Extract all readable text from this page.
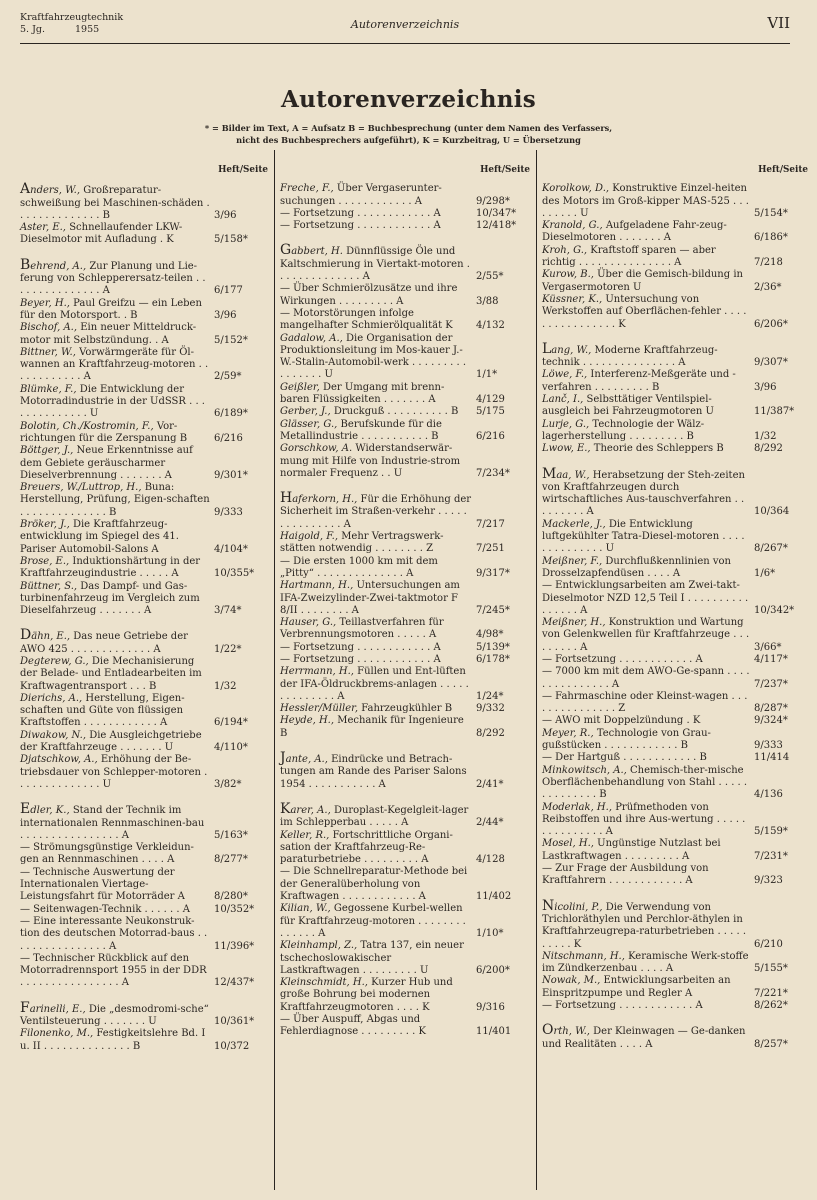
Kraftfahrzeugtechnik
5. Jg.	1955	Autorenverzeichnis	VII
Autorenverzeichnis
* = Bilder im Text, A = Aufsatz B = Buchbesprechung (unter dem Namen des Verfassers,
nicht des Buchbesprechers aufgeführt), K = Kurzbeitrag, U = Übersetzung
Heft/Seite
Anders, W., Großreparatur-schweißung bei Maschinen-schäden . . . . . . . . . . . . . . B	3/96
Aster, E., Schnellaufender LKW-Dieselmotor mit Aufladung . K	5/158*
Behrend, A., Zur Planung und Lie-ferung von Schlepperersatz-teilen . . . . . . . . . . . . . . . A	6/177
Beyer, H., Paul Greifzu — ein Leben für den Motorsport. . B	3/96
Bischof, A., Ein neuer Mitteldruck-motor mit Selbstzündung. . A	5/152*
Bittner, W., Vorwärmgeräte für Öl-wannen an Kraftfahrzeug-motoren . . . . . . . . . . . . A	2/59*
Blümke, F., Die Entwicklung der Motorradindustrie in der UdSSR . . . . . . . . . . . . . . U	6/189*
Bolotin, Ch./Kostromin, F., Vor-richtungen für die Zerspanung B	6/216
Böttger, J., Neue Erkenntnisse auf dem Gebiete geräuscharmer Dieselverbrennung . . . . . . . A	9/301*
Breuers, W./Luttrop, H., Buna: Herstellung, Prüfung, Eigen-schaften . . . . . . . . . . . . . . B	9/333
Bröker, J., Die Kraftfahrzeug-entwicklung im Spiegel des 41. Pariser Automobil-Salons A	4/104*
Brose, E., Induktionshärtung in der Kraftfahrzeugindustrie . . . . . A	10/355*
Büttner, S., Das Dampf- und Gas-turbinenfahrzeug im Vergleich zum Dieselfahrzeug . . . . . . . A	3/74*
Dähn, E., Das neue Getriebe der AWO 425 . . . . . . . . . . . . . A	1/22*
Degterew, G., Die Mechanisierung der Belade- und Entladearbeiten im Kraftwagentransport . . . B	1/32
Dierichs, A., Herstellung, Eigen-schaften und Güte von flüssigen Kraftstoffen . . . . . . . . . . . . A	6/194*
Diwakow, N., Die Ausgleichgetriebe der Kraftfahrzeuge . . . . . . . U	4/110*
Djatschkow, A., Erhöhung der Be-triebsdauer von Schlepper-motoren . . . . . . . . . . . . . . U	3/82*
Edler, K., Stand der Technik im internationalen Rennmaschinen-bau . . . . . . . . . . . . . . . . A	5/163*
— Strömungsgünstige Verkleidun-gen an Rennmaschinen . . . . A	8/277*
— Technische Auswertung der Internationalen Viertage-Leistungsfahrt für Motorräder A	8/280*
— Seitenwagen-Technik . . . . . . A	10/352*
— Eine interessante Neukonstruk-tion des deutschen Motorrad-baus . . . . . . . . . . . . . . . . A	11/396*
— Technischer Rückblick auf den Motorradrennsport 1955 in der DDR . . . . . . . . . . . . . . . . A	12/437*
Farinelli, E., Die „desmodromi-sche“ Ventilsteuerung . . . . . . . U	10/361*
Filonenko, M., Festigkeitslehre Bd. I u. II . . . . . . . . . . . . . . B	10/372
Heft/Seite
Freche, F., Über Vergaserunter-suchungen . . . . . . . . . . . . A	9/298*
— Fortsetzung . . . . . . . . . . . . A	10/347*
— Fortsetzung . . . . . . . . . . . . A	12/418*
Gabbert, H. Dünnflüssige Öle und Kaltschmierung in Viertakt-motoren . . . . . . . . . . . . . . A	2/55*
— Über Schmierölzusätze und ihre Wirkungen . . . . . . . . . A	3/88
— Motorstörungen infolge mangelhafter Schmierölqualität K	4/132
Gadalow, A., Die Organisation der Produktionsleitung im Mos-kauer J.-W.-Stalin-Automobil-werk . . . . . . . . . . . . . . . . U	1/1*
Geißler, Der Umgang mit brenn-baren Flüssigkeiten . . . . . . . A	4/129
Gerber, J., Druckguß . . . . . . . . . . B	5/175
Glässer, G., Berufskunde für die Metallindustrie . . . . . . . . . . . B	6/216
Gorschkow, A. Widerstandserwär-mung mit Hilfe von Industrie-strom normaler Frequenz . . U	7/234*
Haferkorn, H., Für die Erhöhung der Sicherheit im Straßen-verkehr . . . . . . . . . . . . . . . A	7/217
Haigold, F., Mehr Vertragswerk-stätten notwendig . . . . . . . . Z	7/251
— Die ersten 1000 km mit dem „Pitty“ . . . . . . . . . . . . . . A	9/317*
Hartmann, H., Untersuchungen am IFA-Zweizylinder-Zwei-taktmotor F 8/II . . . . . . . . A	7/245*
Hauser, G., Teillastverfahren für Verbrennungsmotoren . . . . . A	4/98*
— Fortsetzung . . . . . . . . . . . . A	5/139*
— Fortsetzung . . . . . . . . . . . . A	6/178*
Herrmann, H., Füllen und Ent-lüften der IFA-Öldruckbrems-anlagen . . . . . . . . . . . . . . A	1/24*
Hessler/Müller, Fahrzeugkühler B	9/332
Heyde, H., Mechanik für Ingenieure B	8/292
Jante, A., Eindrücke und Betrach-tungen am Rande des Pariser Salons 1954 . . . . . . . . . . . A	2/41*
Karer, A., Duroplast-Kegelgleit-lager im Schlepperbau . . . . . A	2/44*
Keller, R., Fortschrittliche Organi-sation der Kraftfahrzeug-Re-paraturbetriebe . . . . . . . . . A	4/128
— Die Schnellreparatur-Methode bei der Generalüberholung von Kraftwagen . . . . . . . . . . . . A	11/402
Kilian, W., Gegossene Kurbel-wellen für Kraftfahrzeug-motoren . . . . . . . . . . . . . . A	1/10*
Kleinhampl, Z., Tatra 137, ein neuer tschechoslowakischer Lastkraftwagen . . . . . . . . . U	6/200*
Kleinschmidt, H., Kurzer Hub und große Bohrung bei modernen Kraftfahrzeugmotoren . . . . K	9/316
— Über Auspuff, Abgas und Fehlerdiagnose . . . . . . . . . K	11/401
Heft/Seite
Korolkow, D., Konstruktive Einzel-heiten des Motors im Groß-kipper MAS-525 . . . . . . . . . U	5/154*
Kranold, G., Aufgeladene Fahr-zeug-Dieselmotoren . . . . . . . A	6/186*
Kroh, G., Kraftstoff sparen — aber richtig . . . . . . . . . . . . . . . A	7/218
Kurow, B., Über die Gemisch-bildung in Vergasermotoren U	2/36*
Küssner, K., Untersuchung von Werkstoffen auf Oberflächen-fehler . . . . . . . . . . . . . . . . K	6/206*
Lang, W., Moderne Kraftfahrzeug-technik . . . . . . . . . . . . . . . A	9/307*
Löwe, F., Interferenz-Meßgeräte und -verfahren . . . . . . . . . B	3/96
Lanč, I., Selbsttätiger Ventilspiel-ausgleich bei Fahrzeugmotoren U	11/387*
Lurje, G., Technologie der Wälz-lagerherstellung . . . . . . . . . B	1/32
Lwow, E., Theorie des Schleppers B	8/292
Maa, W., Herabsetzung der Steh-zeiten von Kraftfahrzeugen durch wirtschaftliches Aus-tauschverfahren . . . . . . . . . A	10/364
Mackerle, J., Die Entwicklung luftgekühlter Tatra-Diesel-motoren . . . . . . . . . . . . . . U	8/267*
Meißner, F., Durchflußkennlinien von Drosselzapfendüsen . . . . A	1/6*
— Entwicklungsarbeiten am Zwei-takt-Dieselmotor NZD 12,5 Teil I . . . . . . . . . . . . . . . . A	10/342*
Meißner, H., Konstruktion und Wartung von Gelenkwellen für Kraftfahrzeuge . . . . . . . . . A	3/66*
— Fortsetzung . . . . . . . . . . . . A	4/117*
— 7000 km mit dem AWO-Ge-spann . . . . . . . . . . . . . . . A	7/237*
— Fahrmaschine oder Kleinst-wagen . . . . . . . . . . . . . . . Z	8/287*
— AWO mit Doppelzündung . K	9/324*
Meyer, R., Technologie von Grau-gußstücken . . . . . . . . . . . . B	9/333
— Der Hartguß . . . . . . . . . . . . B	11/414
Minkowitsch, A., Chemisch-ther-mische Oberflächenbehandlung von Stahl . . . . . . . . . . . . . . B	4/136
Moderlak, H., Prüfmethoden von Reibstoffen und ihre Aus-wertung . . . . . . . . . . . . . . . A	5/159*
Mosel, H., Ungünstige Nutzlast bei Lastkraftwagen . . . . . . . . . A	7/231*
— Zur Frage der Ausbildung von Kraftfahrern . . . . . . . . . . . . A	9/323
Nicolini, P., Die Verwendung von Trichloräthylen und Perchlor-äthylen in Kraftfahrzeugrepa-raturbetrieben . . . . . . . . . . K	6/210
Nitschmann, H., Keramische Werk-stoffe im Zündkerzenbau . . . . A	5/155*
Nowak, M., Entwicklungsarbeiten an Einspritzpumpe und Regler A	7/221*
— Fortsetzung . . . . . . . . . . . . A	8/262*
Orth, W., Der Kleinwagen — Ge-danken und Realitäten . . . . A	8/257*
